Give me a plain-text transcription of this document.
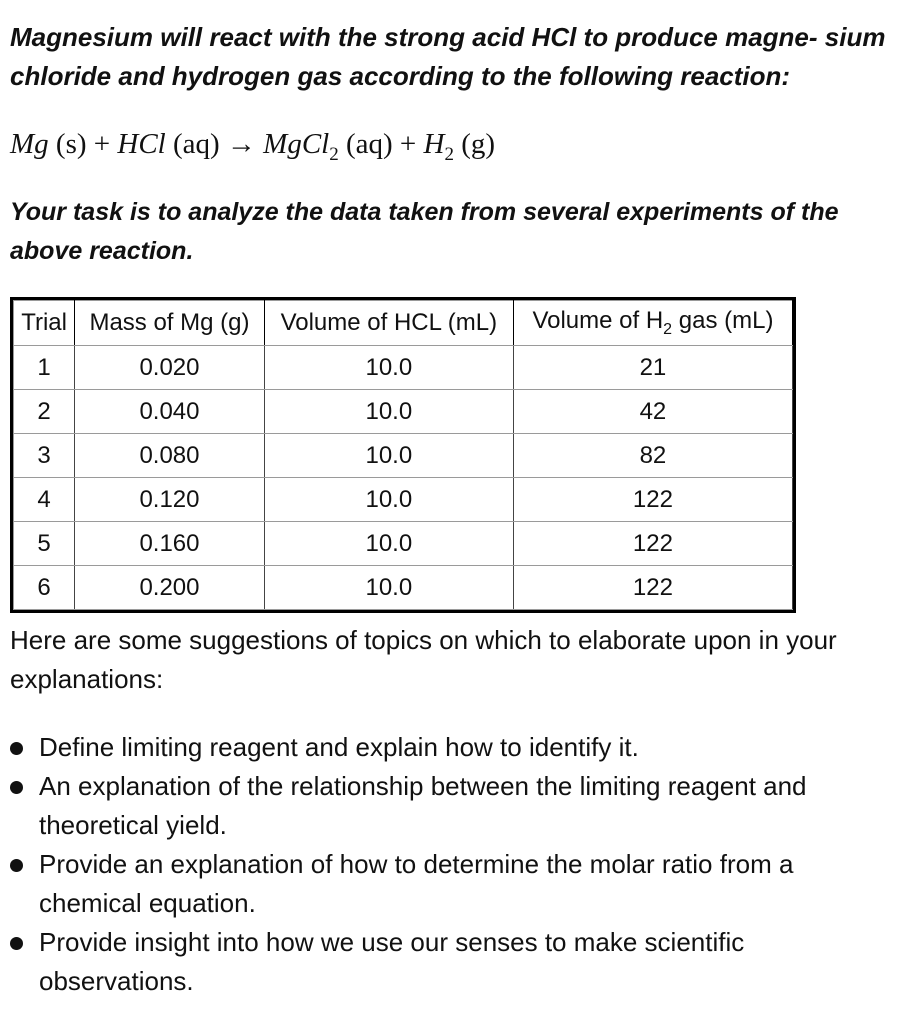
Magnesium will react with the strong acid HCl to produce magne- sium chloride and hydrogen gas according to the following reaction:

Mg (s) + HCl (aq) → MgCl$_2$ $(aq) + H_2$ (g)

Your task is to analyze the data taken from several experiments of the above reaction.

Trial	Mass of Mg (g)	Volume of HCL (mL)	Volume of $H_2$ gas (mL)
1	0.020	10.0	21
2	0.040	10.0	42
3	0.080	10.0	82
4	0.120	10.0	122
5	0.160	10.0	122
6	0.200	10.0	122

Here are some suggestions of topics on which to elaborate upon in your explanations:

Define limiting reagent and explain how to identify it.
An explanation of the relationship between the limiting reagent and theoretical yield.
Provide an explanation of how to determine the molar ratio from a chemical equation.
Provide insight into how we use our senses to make scientific observations.
